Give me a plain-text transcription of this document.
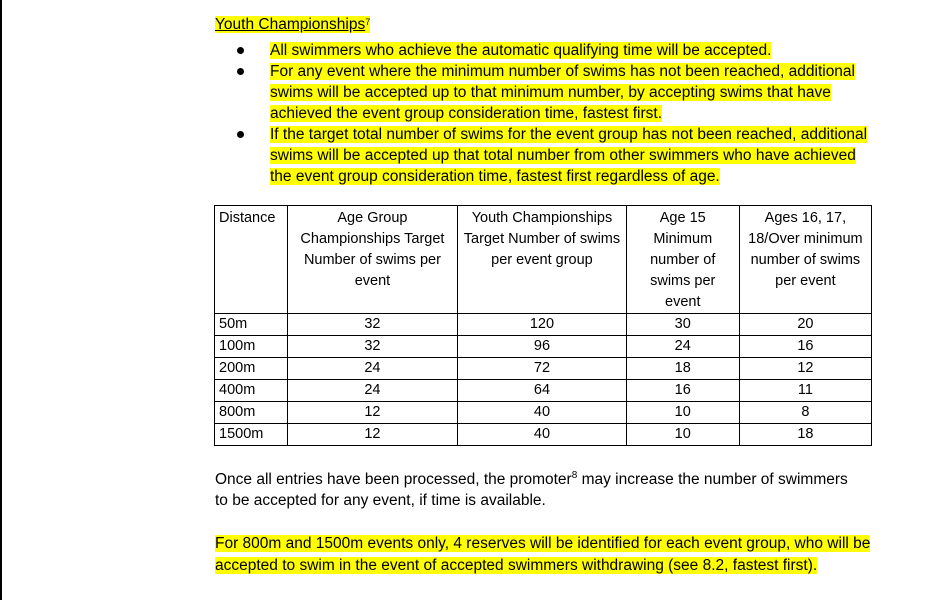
Youth Championships$^7$
All swimmers who achieve the automatic qualifying time will be accepted.
For any event where the minimum number of swims has not been reached, additional swims will be accepted up to that minimum number, by accepting swims that have achieved the event group consideration time, fastest first.
If the target total number of swims for the event group has not been reached, additional swims will be accepted up that total number from other swimmers who have achieved the event group consideration time, fastest first regardless of age.
Distance	Age Group Championships Target Number of swims per event	Youth Championships Target Number of swims per event group	Age 15 Minimum number of swims per event	Ages 16, 17, 18/Over minimum number of swims per event
50m	32	120	30	20
100m	32	96	24	16
200m	24	72	18	12
400m	24	64	16	11
800m	12	40	10	8
1500m	12	40	10	18

Once all entries have been processed, the promoter$^8$ may increase the number of swimmers to be accepted for any event, if time is available.

For 800m and 1500m events only, 4 reserves will be identified for each event group, who will be accepted to swim in the event of accepted swimmers withdrawing (see 8.2, fastest first).
